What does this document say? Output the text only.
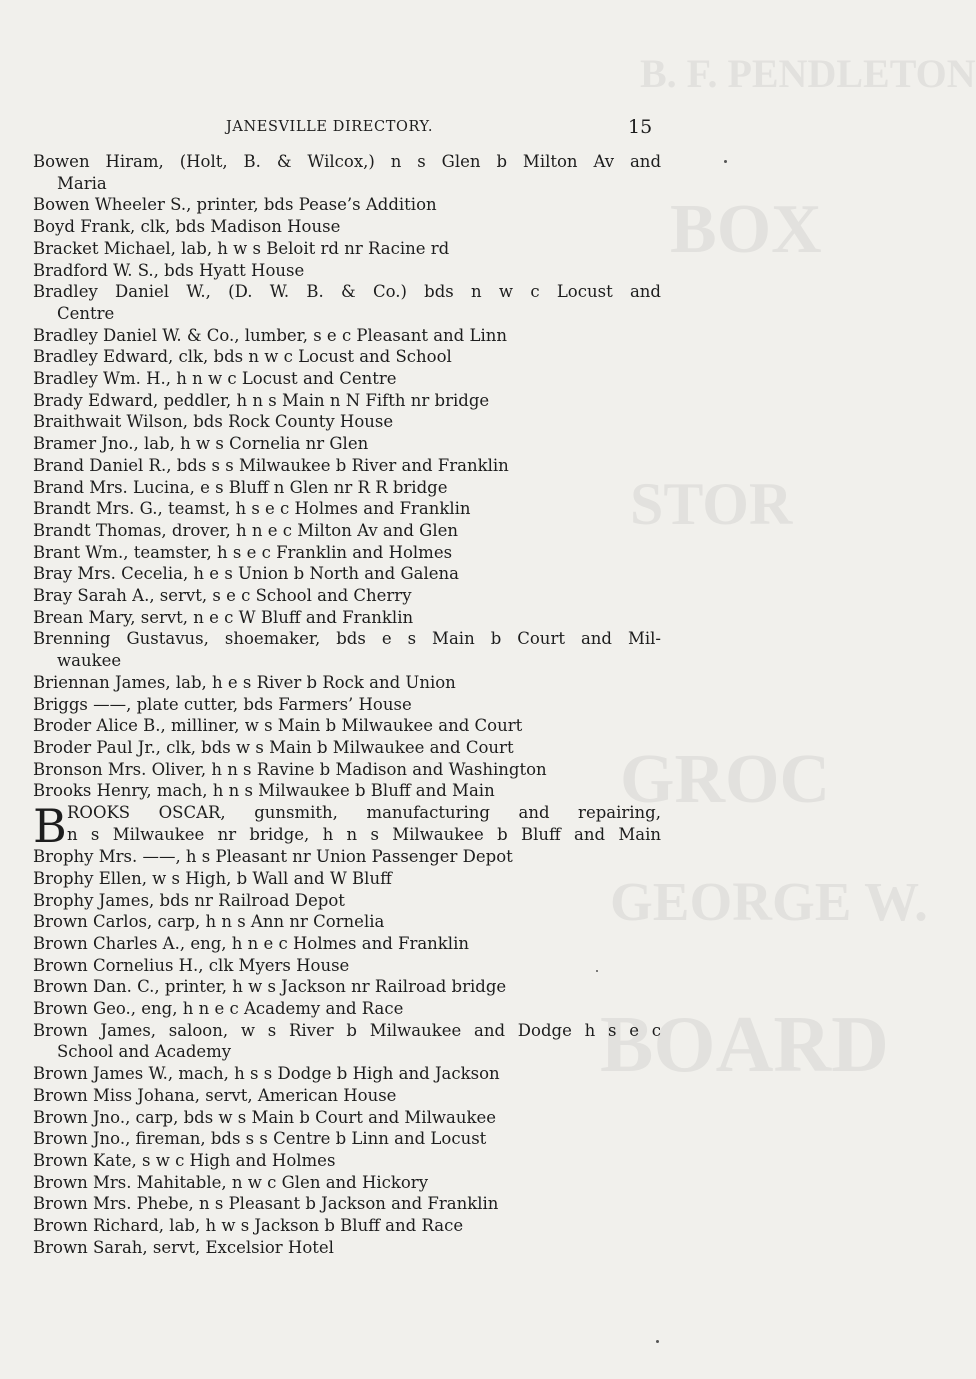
B. F. PENDLETON
BOX
STOR
GROC
GEORGE W.
BOARD
JANESVILLE DIRECTORY.	15
Bowen Hiram, (Holt, B. & Wilcox,) n s Glen b Milton Av and
Maria
Bowen Wheeler S., printer, bds Pease’s Addition
Boyd Frank, clk, bds Madison House
Bracket Michael, lab, h w s Beloit rd nr Racine rd
Bradford W. S., bds Hyatt House
Bradley Daniel W., (D. W. B. & Co.) bds n w c Locust and
Centre
Bradley Daniel W. & Co., lumber, s e c Pleasant and Linn
Bradley Edward, clk, bds n w c Locust and School
Bradley Wm. H., h n w c Locust and Centre
Brady Edward, peddler, h n s Main n N Fifth nr bridge
Braithwait Wilson, bds Rock County House
Bramer Jno., lab, h w s Cornelia nr Glen
Brand Daniel R., bds s s Milwaukee b River and Franklin
Brand Mrs. Lucina, e s Bluff n Glen nr R R bridge
Brandt Mrs. G., teamst, h s e c Holmes and Franklin
Brandt Thomas, drover, h n e c Milton Av and Glen
Brant Wm., teamster, h s e c Franklin and Holmes
Bray Mrs. Cecelia, h e s Union b North and Galena
Bray Sarah A., servt, s e c School and Cherry
Brean Mary, servt, n e c W Bluff and Franklin
Brenning Gustavus, shoemaker, bds e s Main b Court and Mil-
waukee
Briennan James, lab, h e s River b Rock and Union
Briggs ——, plate cutter, bds Farmers’ House
Broder Alice B., milliner, w s Main b Milwaukee and Court
Broder Paul Jr., clk, bds w s Main b Milwaukee and Court
Bronson Mrs. Oliver, h n s Ravine b Madison and Washington
Brooks Henry, mach, h n s Milwaukee b Bluff and Main
B ROOKS OSCAR, gunsmith, manufacturing and repairing,
n s Milwaukee nr bridge, h n s Milwaukee b Bluff and Main
Brophy Mrs. ——, h s Pleasant nr Union Passenger Depot
Brophy Ellen, w s High, b Wall and W Bluff
Brophy James, bds nr Railroad Depot
Brown Carlos, carp, h n s Ann nr Cornelia
Brown Charles A., eng, h n e c Holmes and Franklin
Brown Cornelius H., clk Myers House
Brown Dan. C., printer, h w s Jackson nr Railroad bridge
Brown Geo., eng, h n e c Academy and Race
Brown James, saloon, w s River b Milwaukee and Dodge h s e c
School and Academy
Brown James W., mach, h s s Dodge b High and Jackson
Brown Miss Johana, servt, American House
Brown Jno., carp, bds w s Main b Court and Milwaukee
Brown Jno., fireman, bds s s Centre b Linn and Locust
Brown Kate, s w c High and Holmes
Brown Mrs. Mahitable, n w c Glen and Hickory
Brown Mrs. Phebe, n s Pleasant b Jackson and Franklin
Brown Richard, lab, h w s Jackson b Bluff and Race
Brown Sarah, servt, Excelsior Hotel
